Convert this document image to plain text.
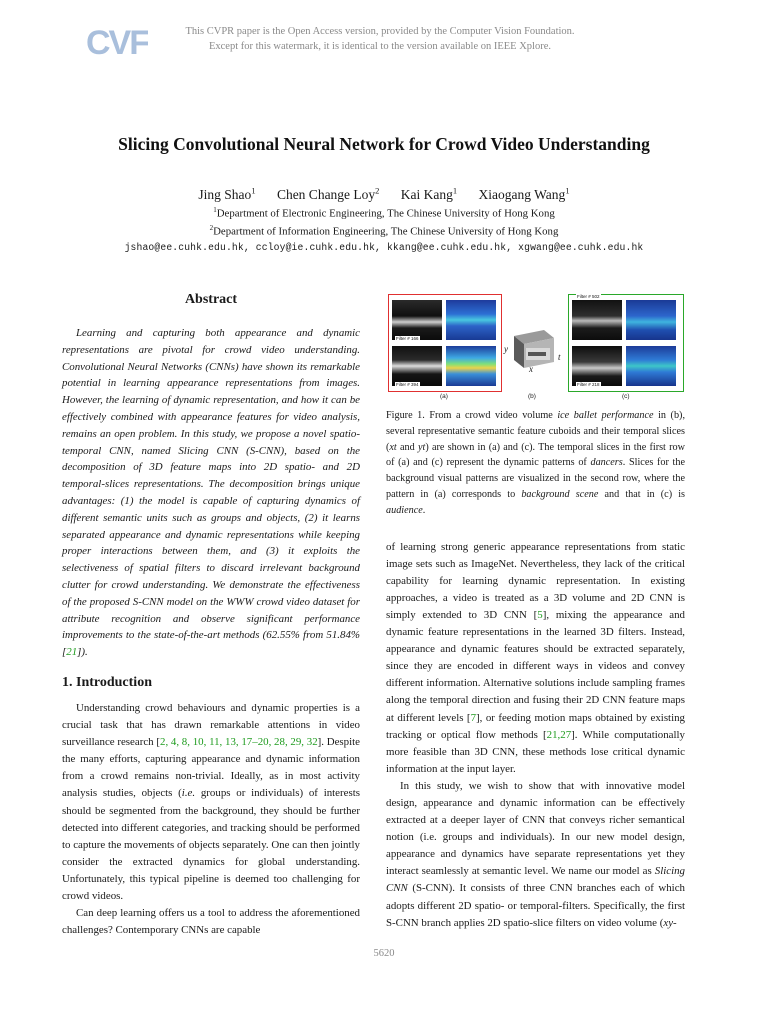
CVF	This CVPR paper is the Open Access version, provided by the Computer Vision Foundation.
Except for this watermark, it is identical to the version available on IEEE Xplore.
Slicing Convolutional Neural Network for Crowd Video Understanding
Jing Shao$^1$ Chen Change Loy$^2$ Kai Kang$^1$ Xiaogang Wang$^1$
$^1$Department of Electronic Engineering, The Chinese University of Hong Kong
$^2$Department of Information Engineering, The Chinese University of Hong Kong
jshao@ee.cuhk.edu.hk, ccloy@ie.cuhk.edu.hk, kkang@ee.cuhk.edu.hk, xgwang@ee.cuhk.edu.hk
Abstract

Learning and capturing both appearance and dynamic representations are pivotal for crowd video understanding. Convolutional Neural Networks (CNNs) have shown its remarkable potential in learning appearance representations from images. However, the learning of dynamic representation, and how it can be effectively combined with appearance features for video analysis, remains an open problem. In this study, we propose a novel spatio-temporal CNN, named Slicing CNN (S-CNN), based on the decomposition of 3D feature maps into 2D spatio- and 2D temporal-slices representations. The decomposition brings unique advantages: (1) the model is capable of capturing dynamics of different semantic units such as groups and objects, (2) it learns separated appearance and dynamic representations while keeping proper interactions between them, and (3) it exploits the selectiveness of spatial filters to discard irrelevant background clutter for crowd understanding. We demonstrate the effectiveness of the proposed S-CNN model on the WWW crowd video dataset for attribute recognition and observe significant performance improvements to the state-of-the-art methods (62.55% from 51.84% [21]).

1. Introduction

Understanding crowd behaviours and dynamic properties is a crucial task that has drawn remarkable attentions in video surveillance research [2, 4, 8, 10, 11, 13, 17–20, 28, 29, 32]. Despite the many efforts, capturing appearance and dynamic information from a crowd remains non-trivial. Ideally, as in most activity analysis studies, objects (i.e. groups or individuals) of interests should be segmented from the background, they should be further detected into different categories, and tracking should be performed to capture the movements of objects separately. One can then jointly consider the extracted dynamics for global understanding. Unfortunately, this typical pipeline is deemed too challenging for crowd videos.

Can deep learning offers us a tool to address the aforementioned challenges? Contemporary CNNs are capable

Filter # 166
Filter # 394
y
x
t
Filter # 502
Filter # 218
(a)	(b)	(c)

Figure 1. From a crowd video volume ice ballet performance in (b), several representative semantic feature cuboids and their temporal slices (xt and yt) are shown in (a) and (c). The temporal slices in the first row of (a) and (c) represent the dynamic patterns of dancers. Slices for the background visual patterns are visualized in the second row, where the pattern in (a) corresponds to background scene and that in (c) is audience.

of learning strong generic appearance representations from static image sets such as ImageNet. Nevertheless, they lack of the critical capability for learning dynamic representation. In existing approaches, a video is treated as a 3D volume and 2D CNN is simply extended to 3D CNN [5], mixing the appearance and dynamic feature representations in the learned 3D filters. Instead, appearance and dynamic features should be extracted separately, since they are encoded in different ways in videos and convey different information. Alternative solutions include sampling frames along the temporal direction and fusing their 2D CNN feature maps at different levels [7], or feeding motion maps obtained by existing tracking or optical flow methods [21,27]. While computationally more feasible than 3D CNN, these methods lose critical dynamic information at the input layer.

In this study, we wish to show that with innovative model design, appearance and dynamic information can be effectively extracted at a deeper layer of CNN that conveys richer semantical notion (i.e. groups and individuals). In our new model design, appearance and dynamics have separate representations yet they interact seamlessly at semantic level. We name our model as Slicing CNN (S-CNN). It consists of three CNN branches each of which adopts different 2D spatio- or temporal-filters. Specifically, the first S-CNN branch applies 2D spatio-slice filters on video volume (xy-

5620
